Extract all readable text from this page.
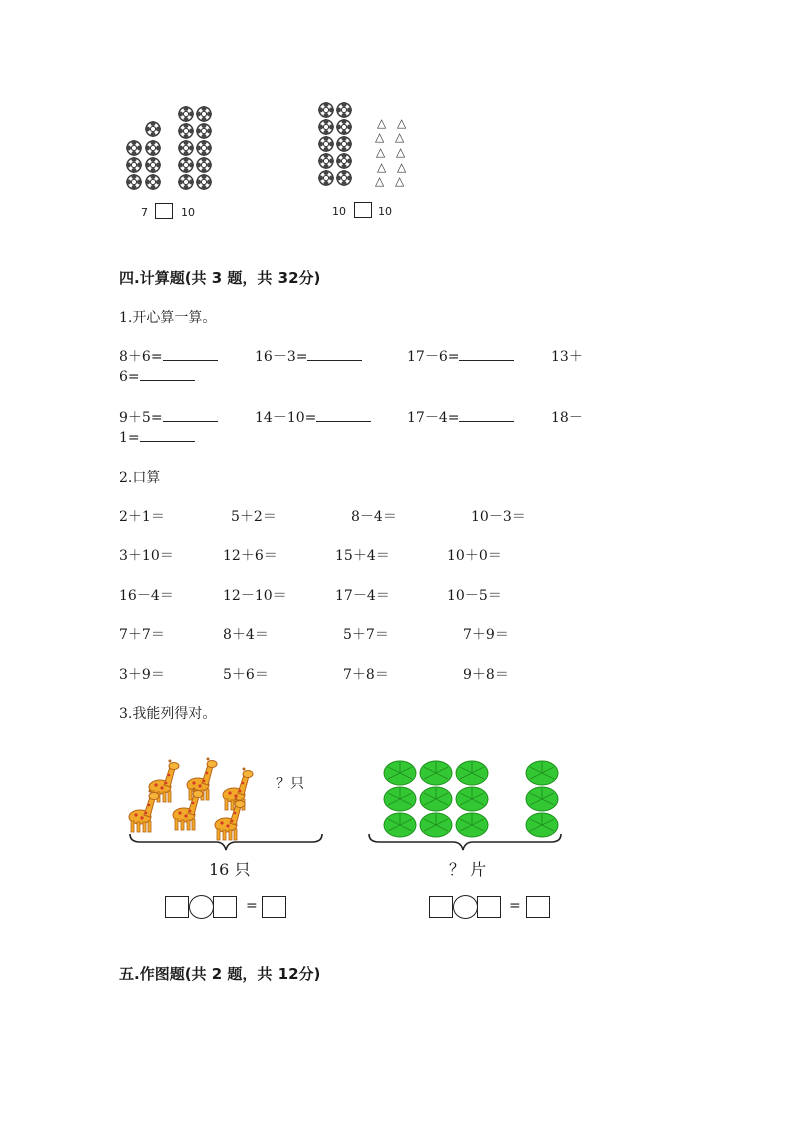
7	10
△ △
△ △
△ △
△ △
△ △
10	10
四.计算题(共 3 题，共 32分)
1.开心算一算。
8＋6=	16－3=	17－6=	13＋
6=
9＋5=	14－10=	17－4=	18－
1=
2.口算
2＋1＝	5＋2＝	8－4＝	10－3＝
3＋10＝	12＋6＝	15＋4＝	10＋0＝
16－4＝	12－10＝	17－4＝	10－5＝
7＋7＝	8＋4＝	5＋7＝	7＋9＝
3＋9＝	5＋6＝	7＋8＝	9＋8＝
3.我能列得对。
？只
16 只
=
？ 片
=
五.作图题(共 2 题，共 12分)
